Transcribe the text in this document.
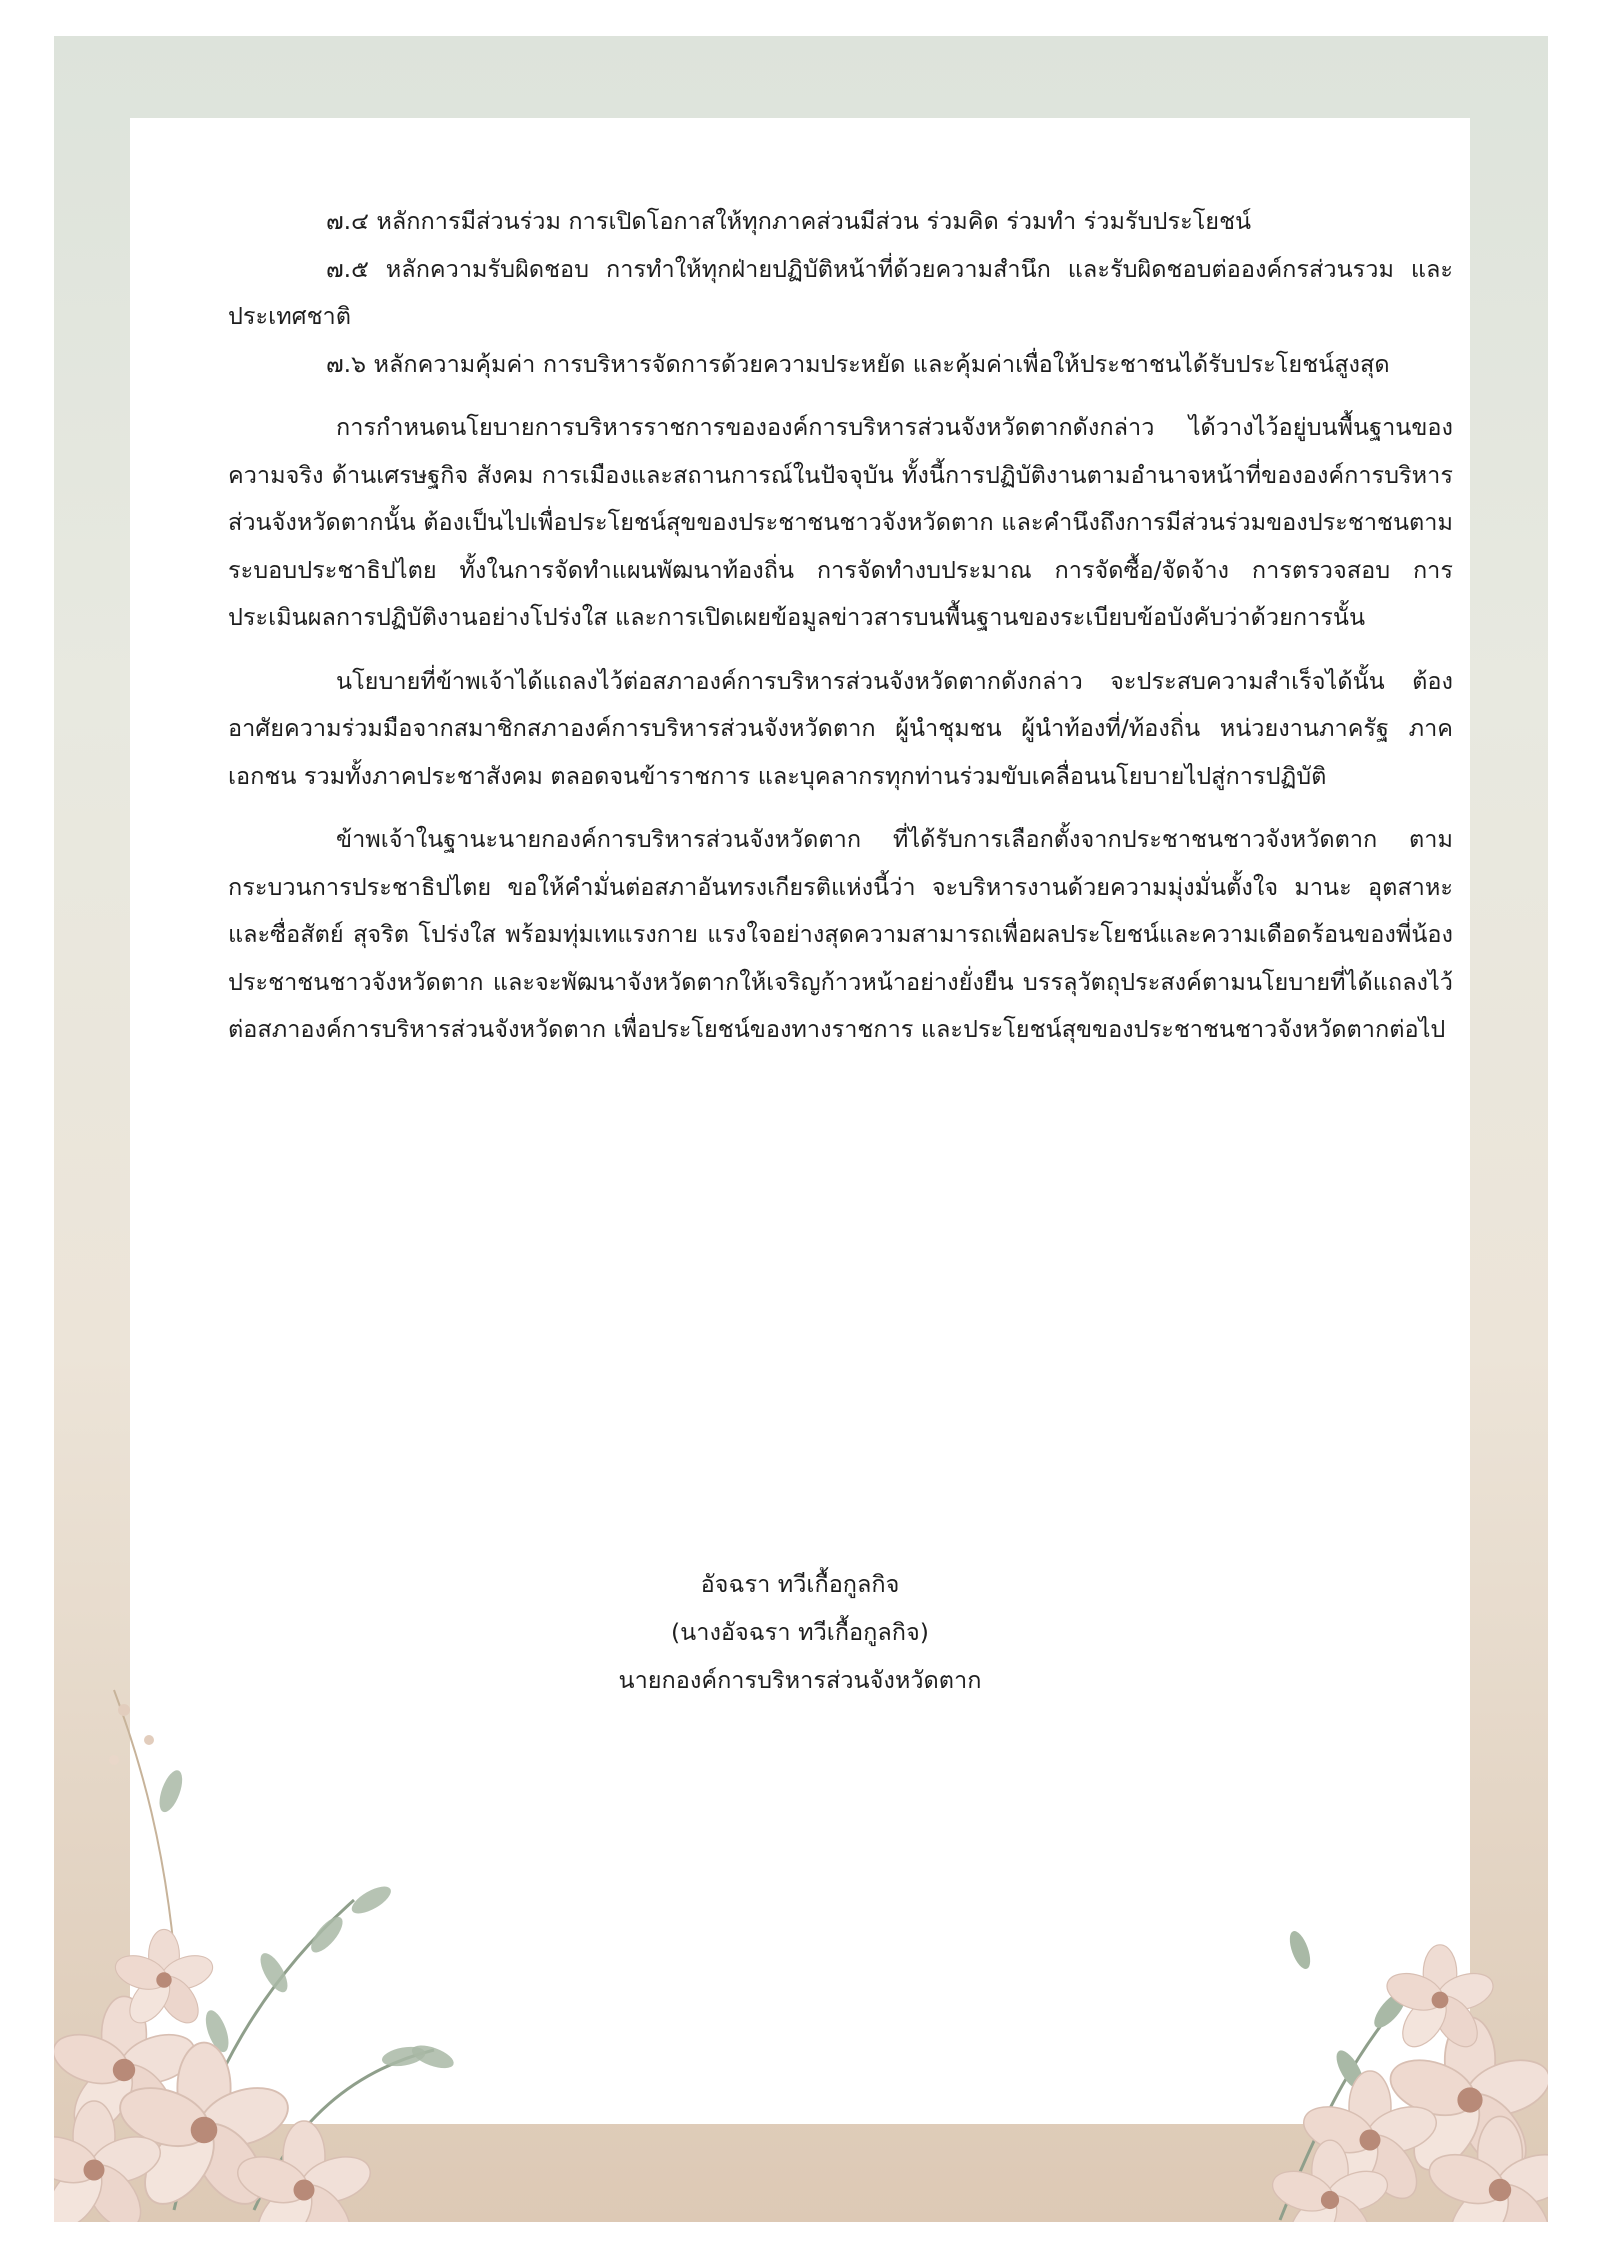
๗.๔ หลักการมีส่วนร่วม การเปิดโอกาสให้ทุกภาคส่วนมีส่วน ร่วมคิด ร่วมทำ ร่วมรับประโยชน์

๗.๕ หลักความรับผิดชอบ การทำให้ทุกฝ่ายปฏิบัติหน้าที่ด้วยความสำนึก และรับผิดชอบต่อองค์กรส่วนรวม และประเทศชาติ

๗.๖ หลักความคุ้มค่า การบริหารจัดการด้วยความประหยัด และคุ้มค่าเพื่อให้ประชาชนได้รับประโยชน์สูงสุด

การกำหนดนโยบายการบริหารราชการขององค์การบริหารส่วนจังหวัดตากดังกล่าว ได้วางไว้อยู่บนพื้นฐานของความจริง ด้านเศรษฐกิจ สังคม การเมืองและสถานการณ์ในปัจจุบัน ทั้งนี้การปฏิบัติงานตามอำนาจหน้าที่ขององค์การบริหารส่วนจังหวัดตากนั้น ต้องเป็นไปเพื่อประโยชน์สุขของประชาชนชาวจังหวัดตาก และคำนึงถึงการมีส่วนร่วมของประชาชนตามระบอบประชาธิปไตย ทั้งในการจัดทำแผนพัฒนาท้องถิ่น การจัดทำงบประมาณ การจัดซื้อ/จัดจ้าง การตรวจสอบ การประเมินผลการปฏิบัติงานอย่างโปร่งใส และการเปิดเผยข้อมูลข่าวสารบนพื้นฐานของระเบียบข้อบังคับว่าด้วยการนั้น

นโยบายที่ข้าพเจ้าได้แถลงไว้ต่อสภาองค์การบริหารส่วนจังหวัดตากดังกล่าว จะประสบความสำเร็จได้นั้น ต้องอาศัยความร่วมมือจากสมาชิกสภาองค์การบริหารส่วนจังหวัดตาก ผู้นำชุมชน ผู้นำท้องที่/ท้องถิ่น หน่วยงานภาครัฐ ภาคเอกชน รวมทั้งภาคประชาสังคม ตลอดจนข้าราชการ และบุคลากรทุกท่านร่วมขับเคลื่อนนโยบายไปสู่การปฏิบัติ

ข้าพเจ้าในฐานะนายกองค์การบริหารส่วนจังหวัดตาก ที่ได้รับการเลือกตั้งจากประชาชนชาวจังหวัดตาก ตามกระบวนการประชาธิปไตย ขอให้คำมั่นต่อสภาอันทรงเกียรติแห่งนี้ว่า จะบริหารงานด้วยความมุ่งมั่นตั้งใจ มานะ อุตสาหะและซื่อสัตย์ สุจริต โปร่งใส พร้อมทุ่มเทแรงกาย แรงใจอย่างสุดความสามารถเพื่อผลประโยชน์และความเดือดร้อนของพี่น้องประชาชนชาวจังหวัดตาก และจะพัฒนาจังหวัดตากให้เจริญก้าวหน้าอย่างยั่งยืน บรรลุวัตถุประสงค์ตามนโยบายที่ได้แถลงไว้ต่อสภาองค์การบริหารส่วนจังหวัดตาก เพื่อประโยชน์ของทางราชการ และประโยชน์สุขของประชาชนชาวจังหวัดตากต่อไป

อัจฉรา ทวีเกื้อกูลกิจ
(นางอัจฉรา ทวีเกื้อกูลกิจ)
นายกองค์การบริหารส่วนจังหวัดตาก
